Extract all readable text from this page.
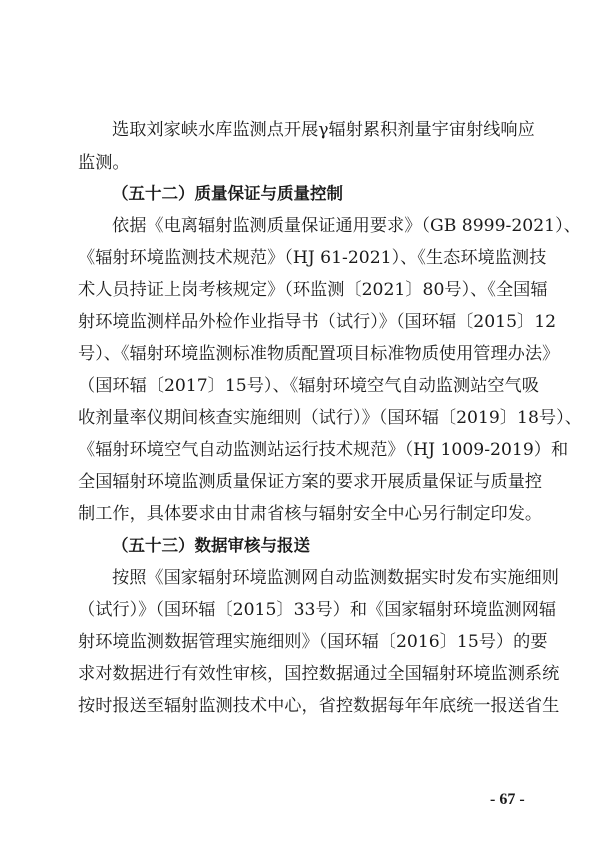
选取刘家峡水库监测点开展γ辐射累积剂量宇宙射线响应
监测。
（五十二）质量保证与质量控制
依据《电离辐射监测质量保证通用要求》（GB 8999-2021）、
《辐射环境监测技术规范》（HJ 61-2021）、《生态环境监测技
术人员持证上岗考核规定》（环监测〔2021〕80号）、《全国辐
射环境监测样品外检作业指导书（试行）》（国环辐〔2015〕12
号）、《辐射环境监测标准物质配置项目标准物质使用管理办法》
（国环辐〔2017〕15号）、《辐射环境空气自动监测站空气吸
收剂量率仪期间核查实施细则（试行）》（国环辐〔2019〕18号）、
《辐射环境空气自动监测站运行技术规范》（HJ 1009-2019）和
全国辐射环境监测质量保证方案的要求开展质量保证与质量控
制工作，具体要求由甘肃省核与辐射安全中心另行制定印发。
（五十三）数据审核与报送
按照《国家辐射环境监测网自动监测数据实时发布实施细则
（试行）》（国环辐〔2015〕33号）和《国家辐射环境监测网辐
射环境监测数据管理实施细则》（国环辐〔2016〕15号）的要
求对数据进行有效性审核，国控数据通过全国辐射环境监测系统
按时报送至辐射监测技术中心，省控数据每年年底统一报送省生
- 67 -
